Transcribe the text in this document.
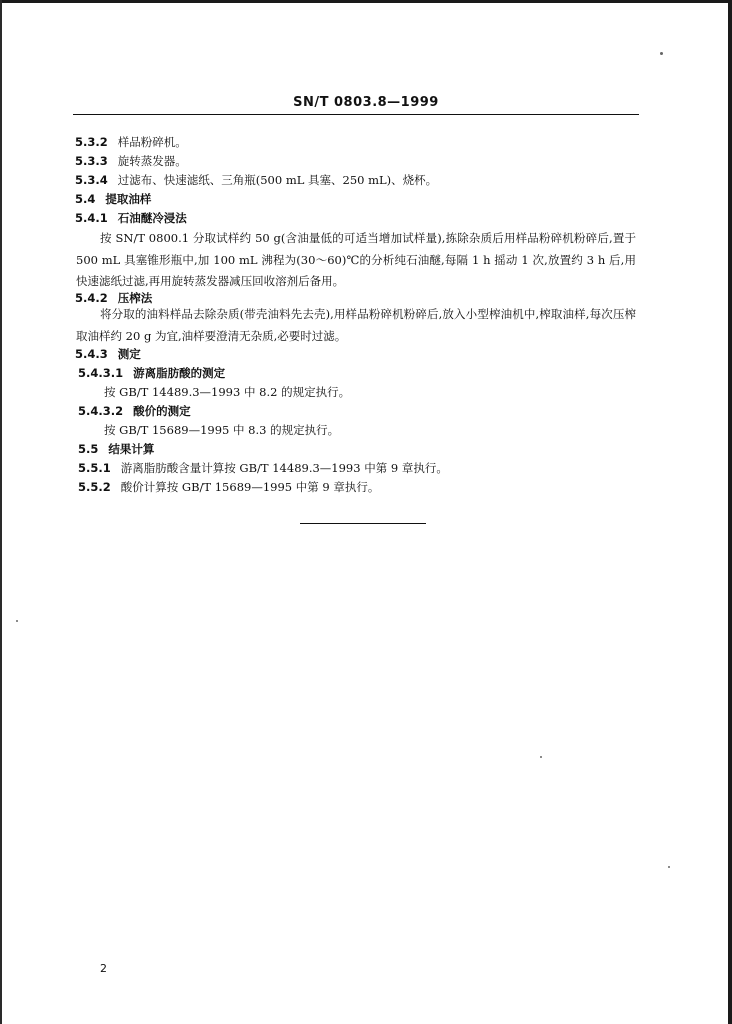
SN/T 0803.8—1999
5.3.2 样品粉碎机。
5.3.3 旋转蒸发器。
5.3.4 过滤布、快速滤纸、三角瓶(500 mL 具塞、250 mL)、烧杯。
5.4 提取油样
5.4.1 石油醚冷浸法
按 SN/T 0800.1 分取试样约 50 g(含油量低的可适当增加试样量),拣除杂质后用样品粉碎机粉碎后,置于 500 mL 具塞锥形瓶中,加 100 mL 沸程为(30～60)℃的分析纯石油醚,每隔 1 h 摇动 1 次,放置约 3 h 后,用快速滤纸过滤,再用旋转蒸发器减压回收溶剂后备用。
5.4.2 压榨法
将分取的油料样品去除杂质(带壳油料先去壳),用样品粉碎机粉碎后,放入小型榨油机中,榨取油样,每次压榨取油样约 20 g 为宜,油样要澄清无杂质,必要时过滤。
5.4.3 测定
5.4.3.1 游离脂肪酸的测定
按 GB/T 14489.3—1993 中 8.2 的规定执行。
5.4.3.2 酸价的测定
按 GB/T 15689—1995 中 8.3 的规定执行。
5.5 结果计算
5.5.1 游离脂肪酸含量计算按 GB/T 14489.3—1993 中第 9 章执行。
5.5.2 酸价计算按 GB/T 15689—1995 中第 9 章执行。
2
